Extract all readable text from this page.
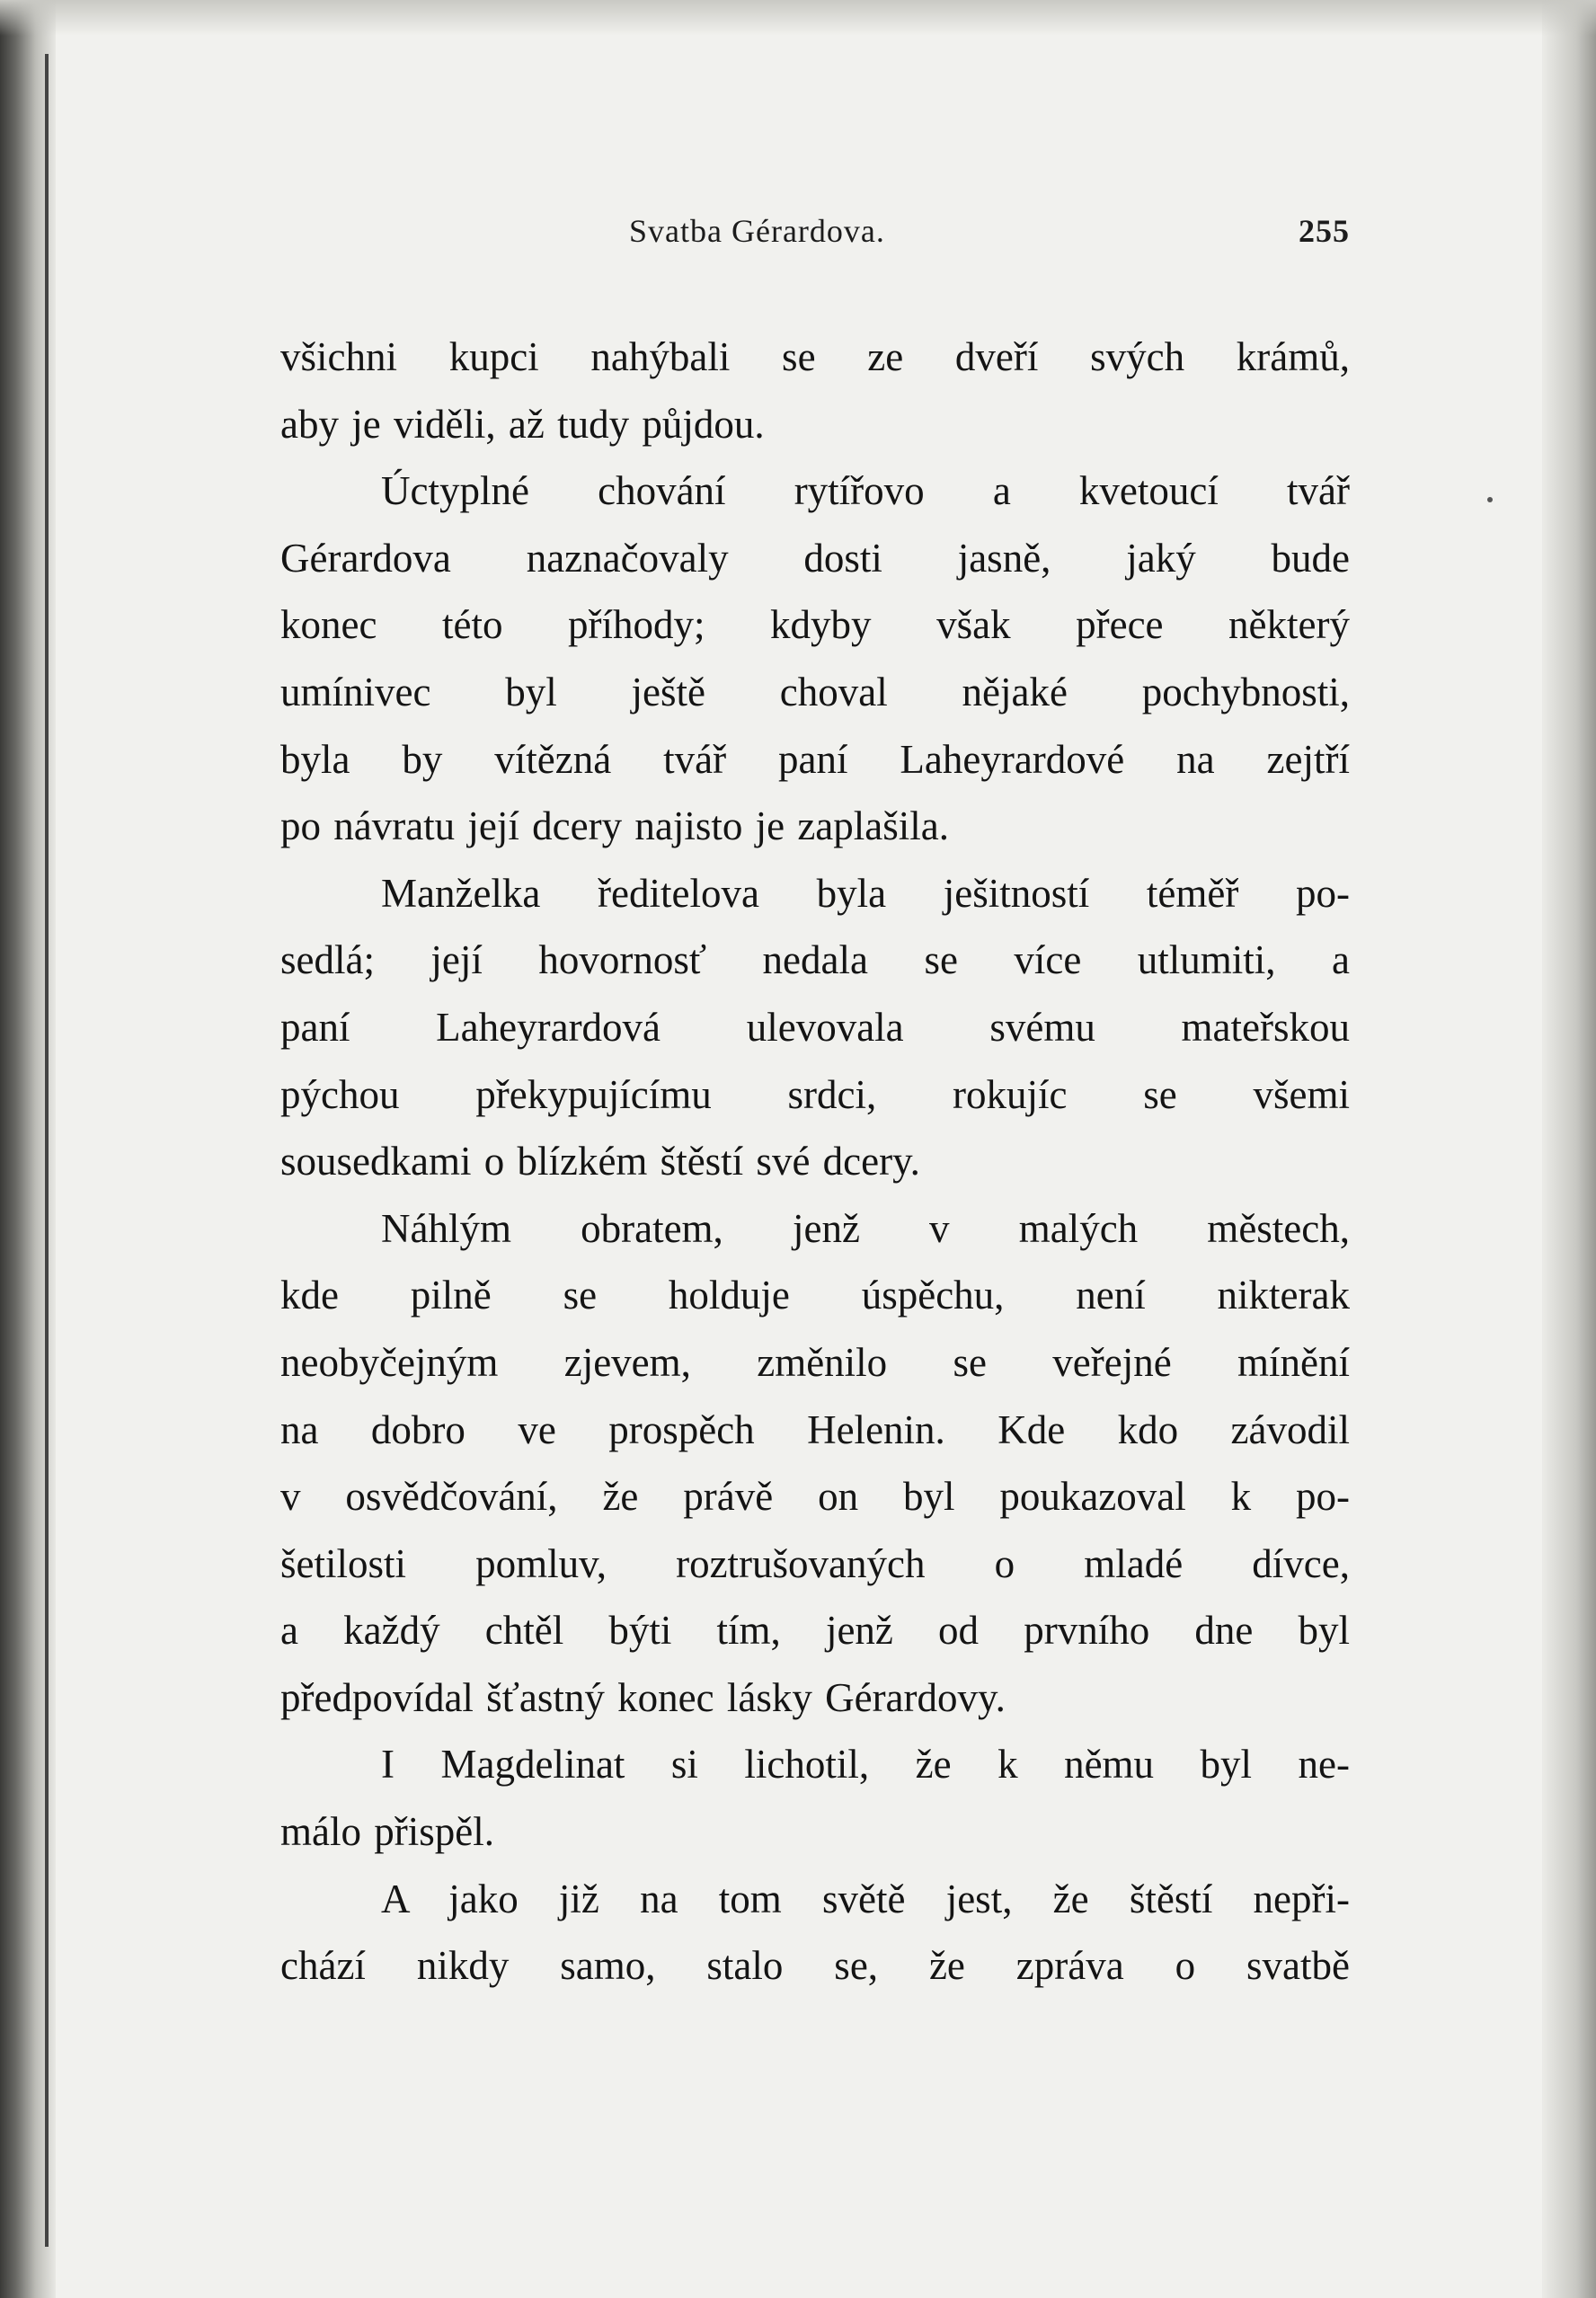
Svatba Gérardova.	255

všichni kupci nahýbali se ze dveří svých krámů,

aby je viděli, až tudy půjdou.

Úctyplné chování rytířovo a kvetoucí tvář

Gérardova naznačovaly dosti jasně, jaký bude

konec této příhody; kdyby však přece některý

umínivec byl ještě choval nějaké pochybnosti,

byla by vítězná tvář paní Laheyrardové na zejtří

po návratu její dcery najisto je zaplašila.

Manželka ředitelova byla ješitností téměř po-

sedlá; její hovornosť nedala se více utlumiti, a

paní Laheyrardová ulevovala svému mateřskou

pýchou překypujícímu srdci, rokujíc se všemi

sousedkami o blízkém štěstí své dcery.

Náhlým obratem, jenž v malých městech,

kde pilně se holduje úspěchu, není nikterak

neobyčejným zjevem, změnilo se veřejné mínění

na dobro ve prospěch Helenin. Kde kdo závodil

v osvědčování, že právě on byl poukazoval k po-

šetilosti pomluv, roztrušovaných o mladé dívce,

a každý chtěl býti tím, jenž od prvního dne byl

předpovídal šťastný konec lásky Gérardovy.

I Magdelinat si lichotil, že k němu byl ne-

málo přispěl.

A jako již na tom světě jest, že štěstí nepři-

chází nikdy samo, stalo se, že zpráva o svatbě
